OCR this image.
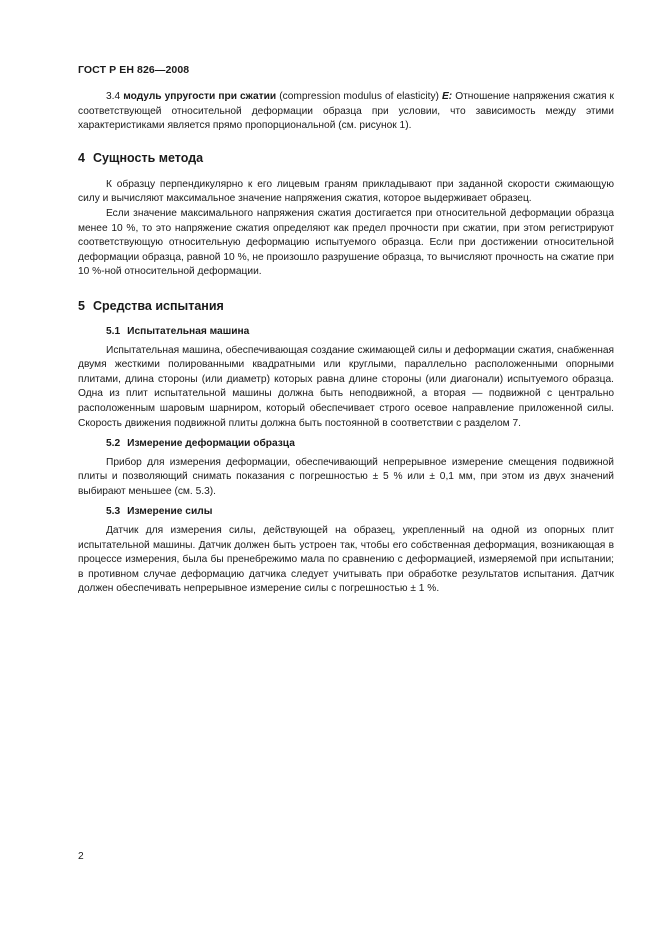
ГОСТ Р ЕН 826—2008

3.4 модуль упругости при сжатии (compression modulus of elasticity) E: Отношение напряжения сжатия к соответствующей относительной деформации образца при условии, что зависимость между этими характеристиками является прямо пропорциональной (см. рисунок 1).

4 Сущность метода

К образцу перпендикулярно к его лицевым граням прикладывают при заданной скорости сжимающую силу и вычисляют максимальное значение напряжения сжатия, которое выдерживает образец.

Если значение максимального напряжения сжатия достигается при относительной деформации образца менее 10 %, то это напряжение сжатия определяют как предел прочности при сжатии, при этом регистрируют соответствующую относительную деформацию испытуемого образца. Если при достижении относительной деформации образца, равной 10 %, не произошло разрушение образца, то вычисляют прочность на сжатие при 10 %-ной относительной деформации.

5 Средства испытания
5.1 Испытательная машина

Испытательная машина, обеспечивающая создание сжимающей силы и деформации сжатия, снабженная двумя жесткими полированными квадратными или круглыми, параллельно расположенными опорными плитами, длина стороны (или диаметр) которых равна длине стороны (или диагонали) испытуемого образца. Одна из плит испытательной машины должна быть неподвижной, а вторая — подвижной с центрально расположенным шаровым шарниром, который обеспечивает строго осевое направление приложенной силы. Скорость движения подвижной плиты должна быть постоянной в соответствии с разделом 7.

5.2 Измерение деформации образца

Прибор для измерения деформации, обеспечивающий непрерывное измерение смещения подвижной плиты и позволяющий снимать показания с погрешностью ± 5 % или ± 0,1 мм, при этом из двух значений выбирают меньшее (см. 5.3).

5.3 Измерение силы

Датчик для измерения силы, действующей на образец, укрепленный на одной из опорных плит испытательной машины. Датчик должен быть устроен так, чтобы его собственная деформация, возникающая в процессе измерения, была бы пренебрежимо мала по сравнению с деформацией, измеряемой при испытании; в противном случае деформацию датчика следует учитывать при обработке результатов испытания. Датчик должен обеспечивать непрерывное измерение силы с погрешностью ± 1 %.

2
